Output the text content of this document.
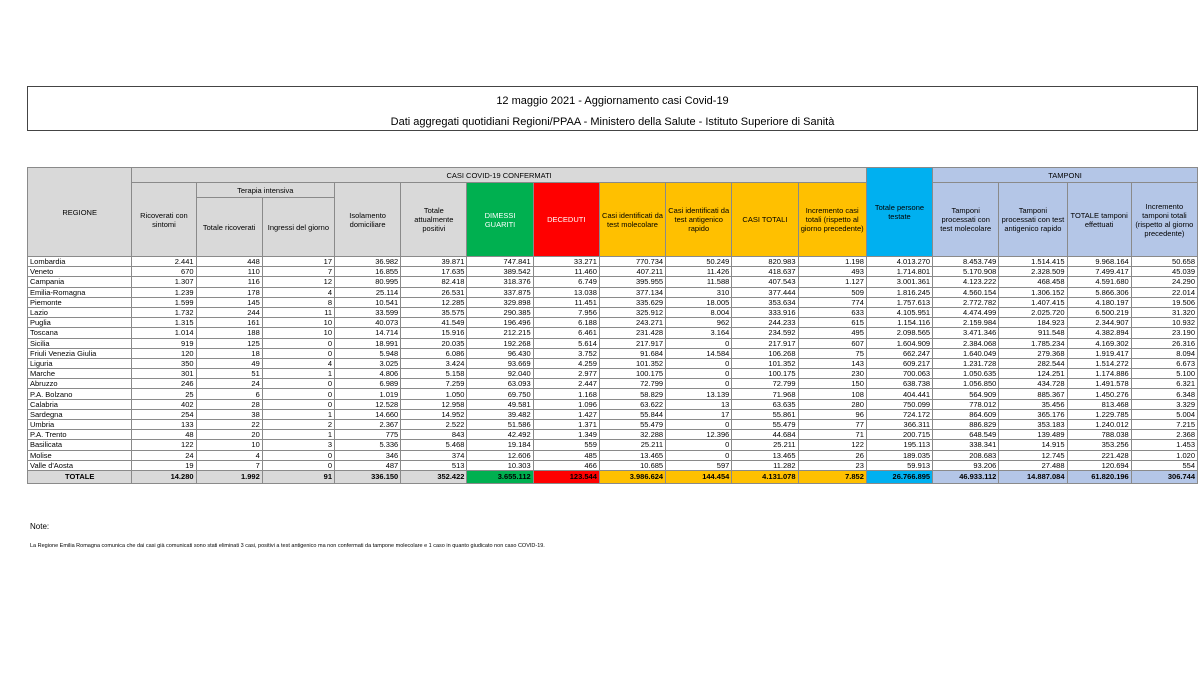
12 maggio 2021 - Aggiornamento casi Covid-19
Dati aggregati quotidiani Regioni/PPAA - Ministero della Salute - Istituto Superiore di Sanità
REGIONE	CASI COVID-19 CONFERMATI											Totale persone testate	TAMPONI			
	Ricoverati con sintomi	Terapia intensiva		Isolamento domiciliare	Totale attualmente positivi	DIMESSI GUARITI	DECEDUTI	Casi identificati da test molecolare	Casi identificati da test antigenico rapido	CASI TOTALI	Incremento casi totali (rispetto al giorno precedente)		Tamponi processati con test molecolare	Tamponi processati con test antigenico rapido	TOTALE tamponi effettuati	Incremento tamponi totali (rispetto al giorno precedente)
		Totale ricoverati	Ingressi del giorno													
Lombardia	2.441	448	17	36.982	39.871	747.841	33.271	770.734	50.249	820.983	1.198	4.013.270	8.453.749	1.514.415	9.968.164	50.658
Veneto	670	110	7	16.855	17.635	389.542	11.460	407.211	11.426	418.637	493	1.714.801	5.170.908	2.328.509	7.499.417	45.039
Campania	1.307	116	12	80.995	82.418	318.376	6.749	395.955	11.588	407.543	1.127	3.001.361	4.123.222	468.458	4.591.680	24.290
Emilia-Romagna	1.239	178	4	25.114	26.531	337.875	13.038	377.134	310	377.444	509	1.816.245	4.560.154	1.306.152	5.866.306	22.014
Piemonte	1.599	145	8	10.541	12.285	329.898	11.451	335.629	18.005	353.634	774	1.757.613	2.772.782	1.407.415	4.180.197	19.506
Lazio	1.732	244	11	33.599	35.575	290.385	7.956	325.912	8.004	333.916	633	4.105.951	4.474.499	2.025.720	6.500.219	31.320
Puglia	1.315	161	10	40.073	41.549	196.496	6.188	243.271	962	244.233	615	1.154.116	2.159.984	184.923	2.344.907	10.932
Toscana	1.014	188	10	14.714	15.916	212.215	6.461	231.428	3.164	234.592	495	2.098.565	3.471.346	911.548	4.382.894	23.190
Sicilia	919	125	0	18.991	20.035	192.268	5.614	217.917	0	217.917	607	1.604.909	2.384.068	1.785.234	4.169.302	26.316
Friuli Venezia Giulia	120	18	0	5.948	6.086	96.430	3.752	91.684	14.584	106.268	75	662.247	1.640.049	279.368	1.919.417	8.094
Liguria	350	49	4	3.025	3.424	93.669	4.259	101.352	0	101.352	143	609.217	1.231.728	282.544	1.514.272	6.673
Marche	301	51	1	4.806	5.158	92.040	2.977	100.175	0	100.175	230	700.063	1.050.635	124.251	1.174.886	5.100
Abruzzo	246	24	0	6.989	7.259	63.093	2.447	72.799	0	72.799	150	638.738	1.056.850	434.728	1.491.578	6.321
P.A. Bolzano	25	6	0	1.019	1.050	69.750	1.168	58.829	13.139	71.968	108	404.441	564.909	885.367	1.450.276	6.348
Calabria	402	28	0	12.528	12.958	49.581	1.096	63.622	13	63.635	280	750.099	778.012	35.456	813.468	3.329
Sardegna	254	38	1	14.660	14.952	39.482	1.427	55.844	17	55.861	96	724.172	864.609	365.176	1.229.785	5.004
Umbria	133	22	2	2.367	2.522	51.586	1.371	55.479	0	55.479	77	366.311	886.829	353.183	1.240.012	7.215
P.A. Trento	48	20	1	775	843	42.492	1.349	32.288	12.396	44.684	71	200.715	648.549	139.489	788.038	2.368
Basilicata	122	10	3	5.336	5.468	19.184	559	25.211	0	25.211	122	195.113	338.341	14.915	353.256	1.453
Molise	24	4	0	346	374	12.606	485	13.465	0	13.465	26	189.035	208.683	12.745	221.428	1.020
Valle d'Aosta	19	7	0	487	513	10.303	466	10.685	597	11.282	23	59.913	93.206	27.488	120.694	554
TOTALE	14.280	1.992	91	336.150	352.422	3.655.112	123.544	3.986.624	144.454	4.131.078	7.852	26.766.895	46.933.112	14.887.084	61.820.196	306.744
Note:
La Regione Emilia Romagna comunica che dai casi già comunicati sono stati eliminati 3 casi, positivi a test antigenico ma non confermati da tampone molecolare e 1 caso in quanto giudicato non caso COVID-19.
